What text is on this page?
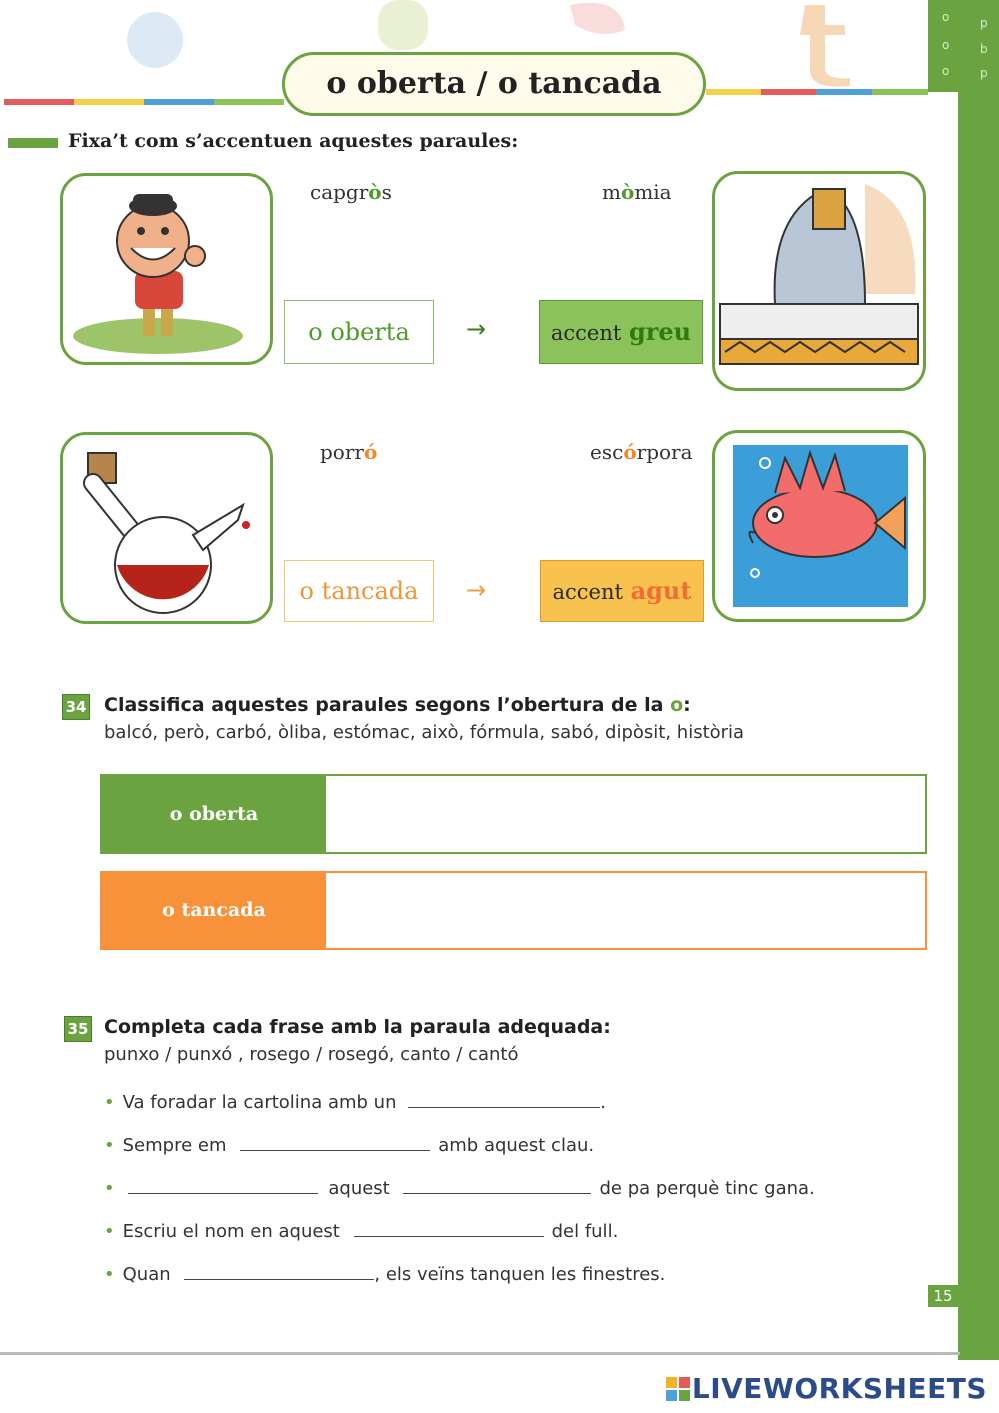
o	p
o	b
o	p
o oberta / o tancada
Fixa’t com s’accentuen aquestes paraules:
capgròs	mòmia
o oberta	→	accent greu
porró	escórpora
o tancada	→	accent agut
34 Classifica aquestes paraules segons l’obertura de la o:
balcó, però, carbó, òliba, estómac, això, fórmula, sabó, dipòsit, història
o oberta
o tancada
35 Completa cada frase amb la paraula adequada:
punxo / punxó , rosego / rosegó, canto / cantó
• Va foradar la cartolina amb un	.
• Sempre em	amb aquest clau.
•	aquest	de pa perquè tinc gana.
• Escriu el nom en aquest	del full.
• Quan	, els veïns tanquen les finestres.
15
LIVEWORKSHEETS
